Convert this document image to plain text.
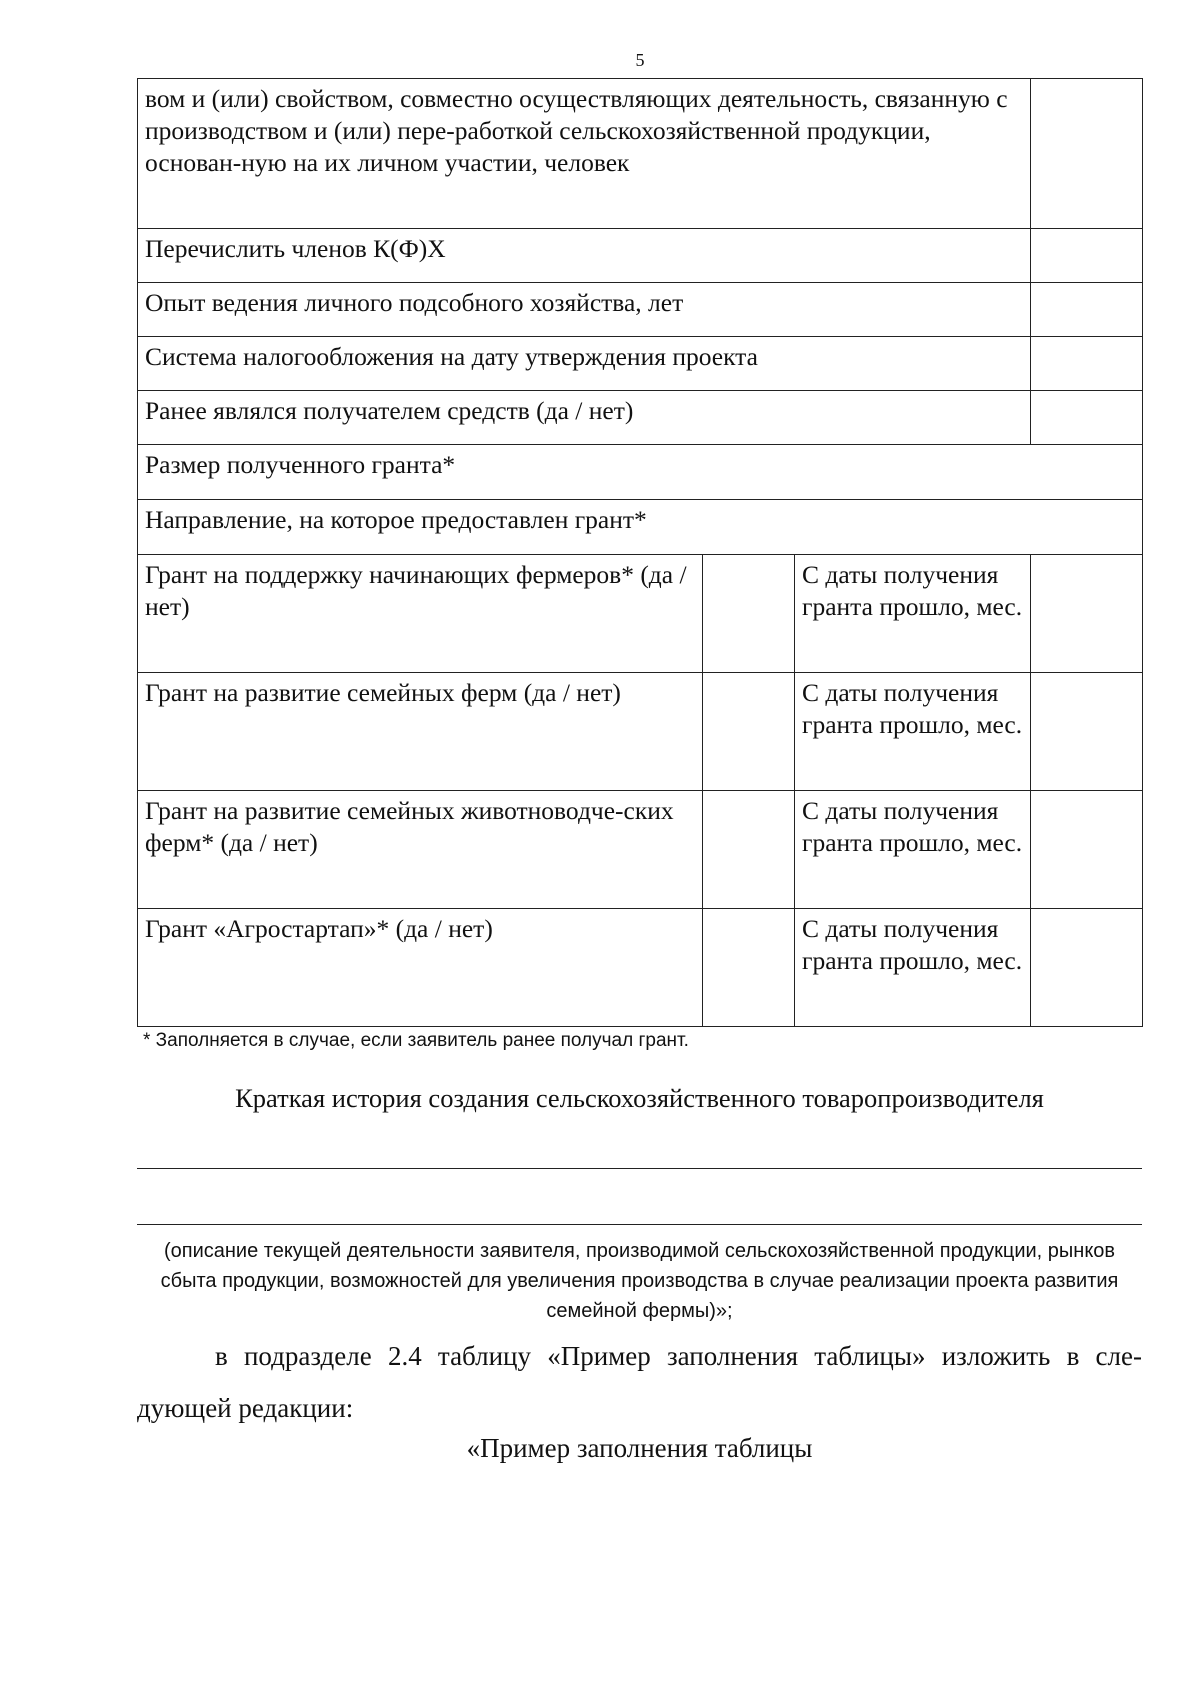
5
вом и (или) свойством, совместно осуществляющих деятельность, связанную с производством и (или) пере-работкой сельскохозяйственной продукции, основан-ную на их личном участии, человек			
Перечислить членов К(Ф)Х			
Опыт ведения личного подсобного хозяйства, лет			
Система налогообложения на дату утверждения проекта			
Ранее являлся получателем средств (да / нет)			
Размер полученного гранта*			
Направление, на которое предоставлен грант*			
Грант на поддержку начинающих фермеров* (да / нет)		С даты получения гранта прошло, мес.	
Грант на развитие семейных ферм (да / нет)		С даты получения гранта прошло, мес.	
Грант на развитие семейных животноводче-ских ферм* (да / нет)		С даты получения гранта прошло, мес.	
Грант «Агростартап»* (да / нет)		С даты получения гранта прошло, мес.	
* Заполняется в случае, если заявитель ранее получал грант.
Краткая история создания сельскохозяйственного товаропроизводителя
(описание текущей деятельности заявителя, производимой сельскохозяйственной продукции, рынков сбыта продукции, возможностей для увеличения производства в случае реализации проекта развития семейной фермы)»;
в подразделе 2.4 таблицу «Пример заполнения таблицы» изложить в сле-дующей редакции:
«Пример заполнения таблицы
